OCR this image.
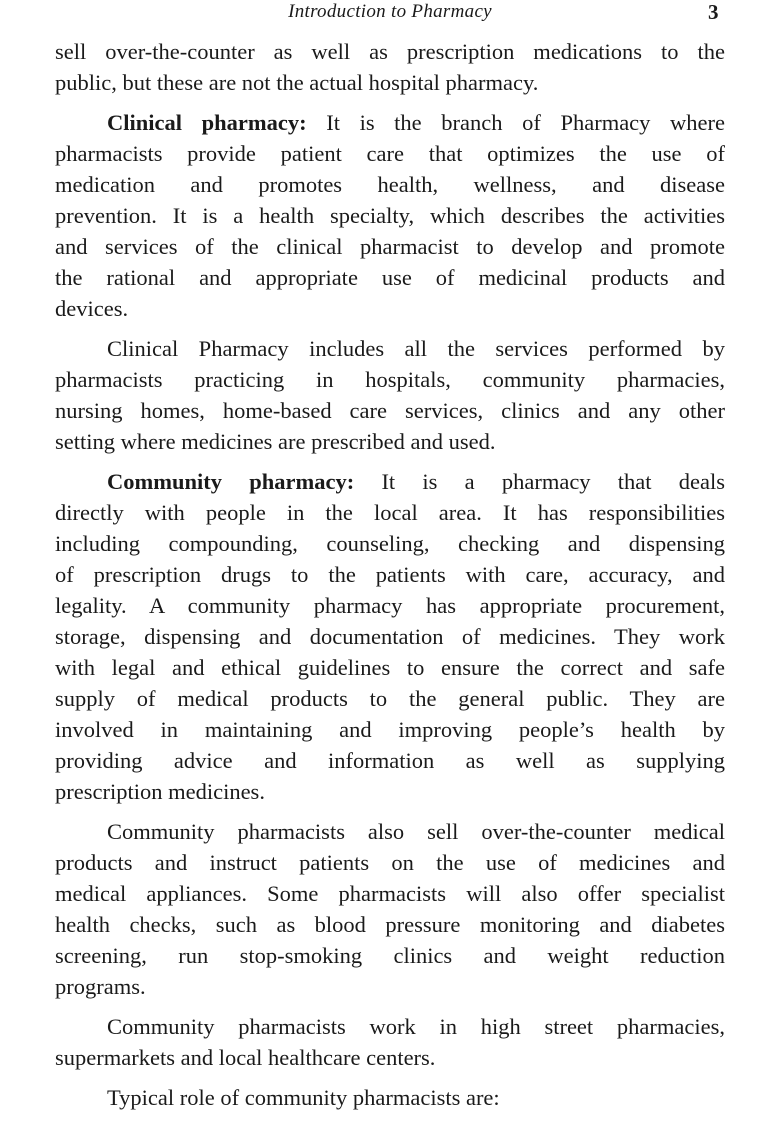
Introduction to Pharmacy	3
sell over-the-counter as well as prescription medications to the
public, but these are not the actual hospital pharmacy.
Clinical pharmacy: It is the branch of Pharmacy where
pharmacists provide patient care that optimizes the use of
medication and promotes health, wellness, and disease
prevention. It is a health specialty, which describes the activities
and services of the clinical pharmacist to develop and promote
the rational and appropriate use of medicinal products and
devices.
Clinical Pharmacy includes all the services performed by
pharmacists practicing in hospitals, community pharmacies,
nursing homes, home-based care services, clinics and any other
setting where medicines are prescribed and used.
Community pharmacy: It is a pharmacy that deals
directly with people in the local area. It has responsibilities
including compounding, counseling, checking and dispensing
of prescription drugs to the patients with care, accuracy, and
legality. A community pharmacy has appropriate procurement,
storage, dispensing and documentation of medicines. They work
with legal and ethical guidelines to ensure the correct and safe
supply of medical products to the general public. They are
involved in maintaining and improving people’s health by
providing advice and information as well as supplying
prescription medicines.
Community pharmacists also sell over-the-counter medical
products and instruct patients on the use of medicines and
medical appliances. Some pharmacists will also offer specialist
health checks, such as blood pressure monitoring and diabetes
screening, run stop-smoking clinics and weight reduction
programs.
Community pharmacists work in high street pharmacies,
supermarkets and local healthcare centers.
Typical role of community pharmacists are:
